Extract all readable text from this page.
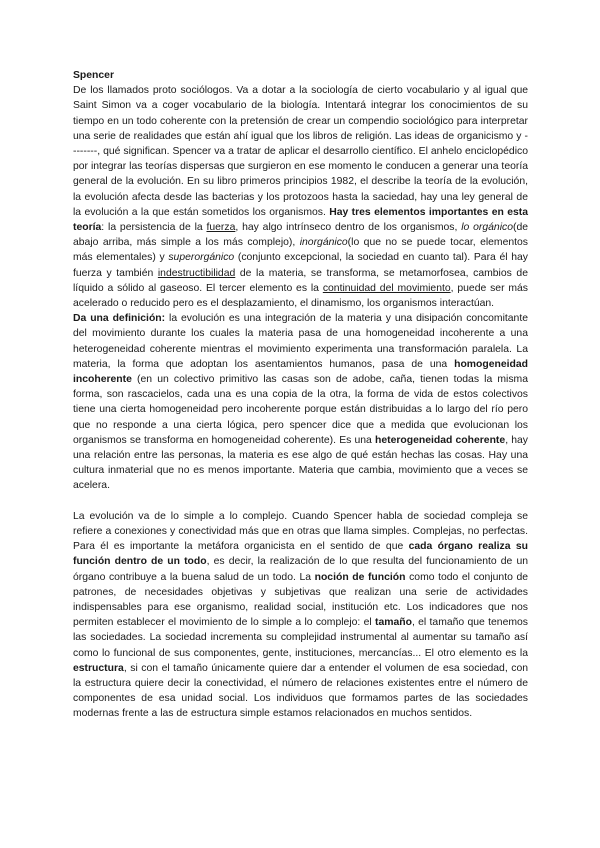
Spencer

De los llamados proto sociólogos. Va a dotar a la sociología de cierto vocabulario y al igual que Saint Simon va a coger vocabulario de la biología. Intentará integrar los conocimientos de su tiempo en un todo coherente con la pretensión de crear un compendio sociológico para interpretar una serie de realidades que están ahí igual que los libros de religión. Las ideas de organicismo y --------, qué significan. Spencer va a tratar de aplicar el desarrollo científico. El anhelo enciclopédico por integrar las teorías dispersas que surgieron en ese momento le conducen a generar una teoría general de la evolución. En su libro primeros principios 1982, el describe la teoría de la evolución, la evolución afecta desde las bacterias y los protozoos hasta la saciedad, hay una ley general de la evolución a la que están sometidos los organismos. Hay tres elementos importantes en esta teoría: la persistencia de la fuerza, hay algo intrínseco dentro de los organismos, lo orgánico(de abajo arriba, más simple a los más complejo), inorgánico(lo que no se puede tocar, elementos más elementales) y superorgánico (conjunto excepcional, la sociedad en cuanto tal). Para él hay fuerza y también indestructibilidad de la materia, se transforma, se metamorfosea, cambios de líquido a sólido al gaseoso. El tercer elemento es la continuidad del movimiento, puede ser más acelerado o reducido pero es el desplazamiento, el dinamismo, los organismos interactúan.

Da una definición: la evolución es una integración de la materia y una disipación concomitante del movimiento durante los cuales la materia pasa de una homogeneidad incoherente a una heterogeneidad coherente mientras el movimiento experimenta una transformación paralela. La materia, la forma que adoptan los asentamientos humanos, pasa de una homogeneidad incoherente (en un colectivo primitivo las casas son de adobe, caña, tienen todas la misma forma, son rascacielos, cada una es una copia de la otra, la forma de vida de estos colectivos tiene una cierta homogeneidad pero incoherente porque están distribuidas a lo largo del río pero que no responde a una cierta lógica, pero spencer dice que a medida que evolucionan los organismos se transforma en homogeneidad coherente). Es una heterogeneidad coherente, hay una relación entre las personas, la materia es ese algo de qué están hechas las cosas. Hay una cultura inmaterial que no es menos importante. Materia que cambia, movimiento que a veces se acelera.

La evolución va de lo simple a lo complejo. Cuando Spencer habla de sociedad compleja se refiere a conexiones y conectividad más que en otras que llama simples. Complejas, no perfectas. Para él es importante la metáfora organicista en el sentido de que cada órgano realiza su función dentro de un todo, es decir, la realización de lo que resulta del funcionamiento de un órgano contribuye a la buena salud de un todo. La noción de función como todo el conjunto de patrones, de necesidades objetivas y subjetivas que realizan una serie de actividades indispensables para ese organismo, realidad social, institución etc. Los indicadores que nos permiten establecer el movimiento de lo simple a lo complejo: el tamaño, el tamaño que tenemos las sociedades. La sociedad incrementa su complejidad instrumental al aumentar su tamaño así como lo funcional de sus componentes, gente, instituciones, mercancías... El otro elemento es la estructura, si con el tamaño únicamente quiere dar a entender el volumen de esa sociedad, con la estructura quiere decir la conectividad, el número de relaciones existentes entre el número de componentes de esa unidad social. Los individuos que formamos partes de las sociedades modernas frente a las de estructura simple estamos relacionados en muchos sentidos.
